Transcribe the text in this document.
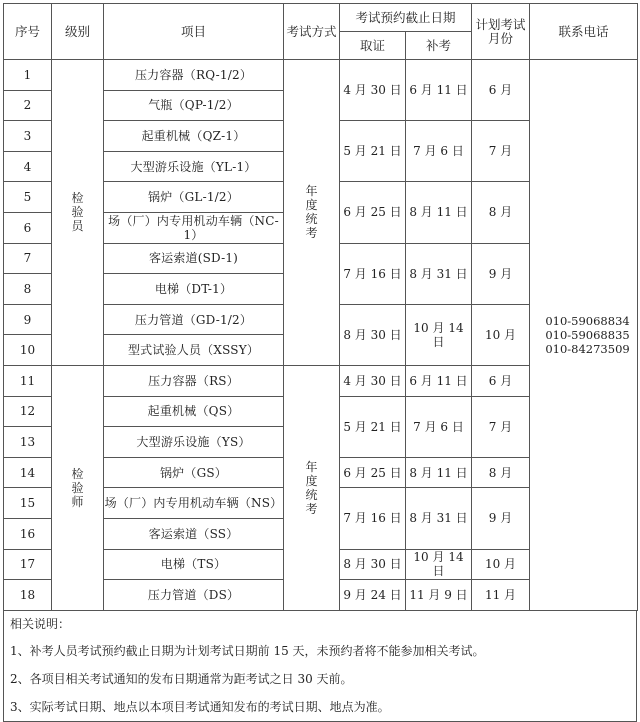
序号	级别	项目	考试方式	考试预约截止日期		计划考试月份	联系电话
				取证	补考		
1	检验员	压力容器（RQ-1/2）	年度统考	4 月 30 日	6 月 11 日	6 月	010-59068834
010-59068835
010-84273509

2		气瓶（QP-1/2）					
3		起重机械（QZ-1）		5 月 21 日	7 月 6 日	7 月	
4		大型游乐设施（YL-1）					
5		锅炉（GL-1/2）		6 月 25 日	8 月 11 日	8 月	
6		场（厂）内专用机动车辆（NC-1）					
7		客运索道(SD-1)		7 月 16 日	8 月 31 日	9 月	
8		电梯（DT-1）					
9		压力管道（GD-1/2）		8 月 30 日	10 月 14 日	10 月	
10		型式试验人员（XSSY）					
11	检验师	压力容器（RS）	年度统考	4 月 30 日	6 月 11 日	6 月	
12		起重机械（QS）		5 月 21 日	7 月 6 日	7 月	
13		大型游乐设施（YS）					
14		锅炉（GS）		6 月 25 日	8 月 11 日	8 月	
15		场（厂）内专用机动车辆（NS）		7 月 16 日	8 月 31 日	9 月	
16		客运索道（SS）					
17		电梯（TS）		8 月 30 日	10 月 14 日	10 月	
18		压力管道（DS）		9 月 24 日	11 月 9 日	11 月	
相关说明：
1、补考人员考试预约截止日期为计划考试日期前 15 天，未预约者将不能参加相关考试。
2、各项目相关考试通知的发布日期通常为距考试之日 30 天前。
3、实际考试日期、地点以本项目考试通知发布的考试日期、地点为准。
